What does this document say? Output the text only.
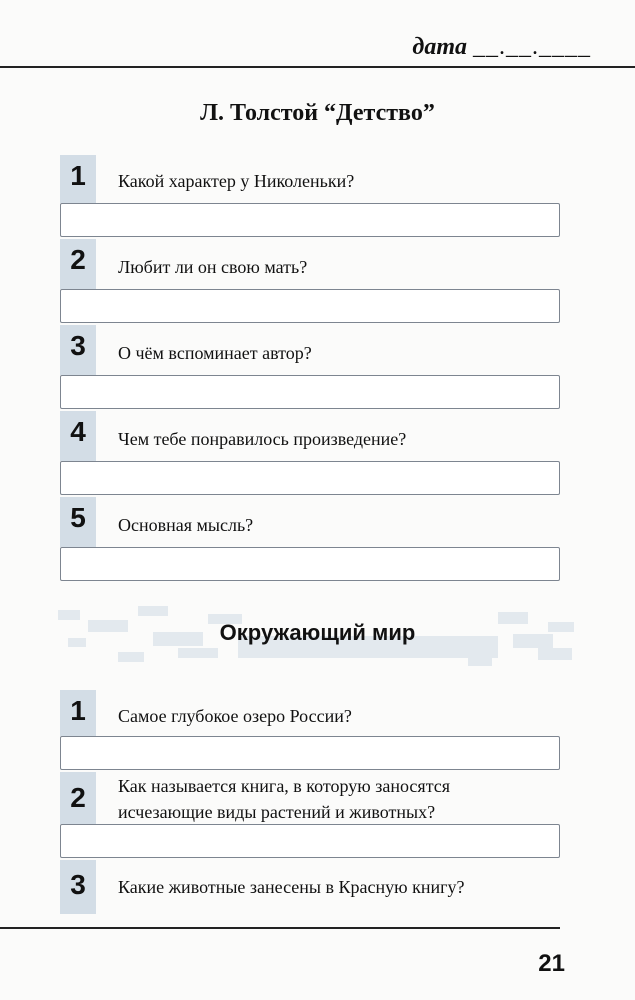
дата __.__.____
Л. Толстой “Детство”
1	Какой характер у Николеньки?
2	Любит ли он свою мать?
3	О чём вспоминает автор?
4	Чем тебе понравилось произведение?
5	Основная мысль?
Окружающий мир
1	Самое глубокое озеро России?
2	Как называется книга, в которую заносятся
исчезающие виды растений и животных?
3	Какие животные занесены в Красную книгу?
21
